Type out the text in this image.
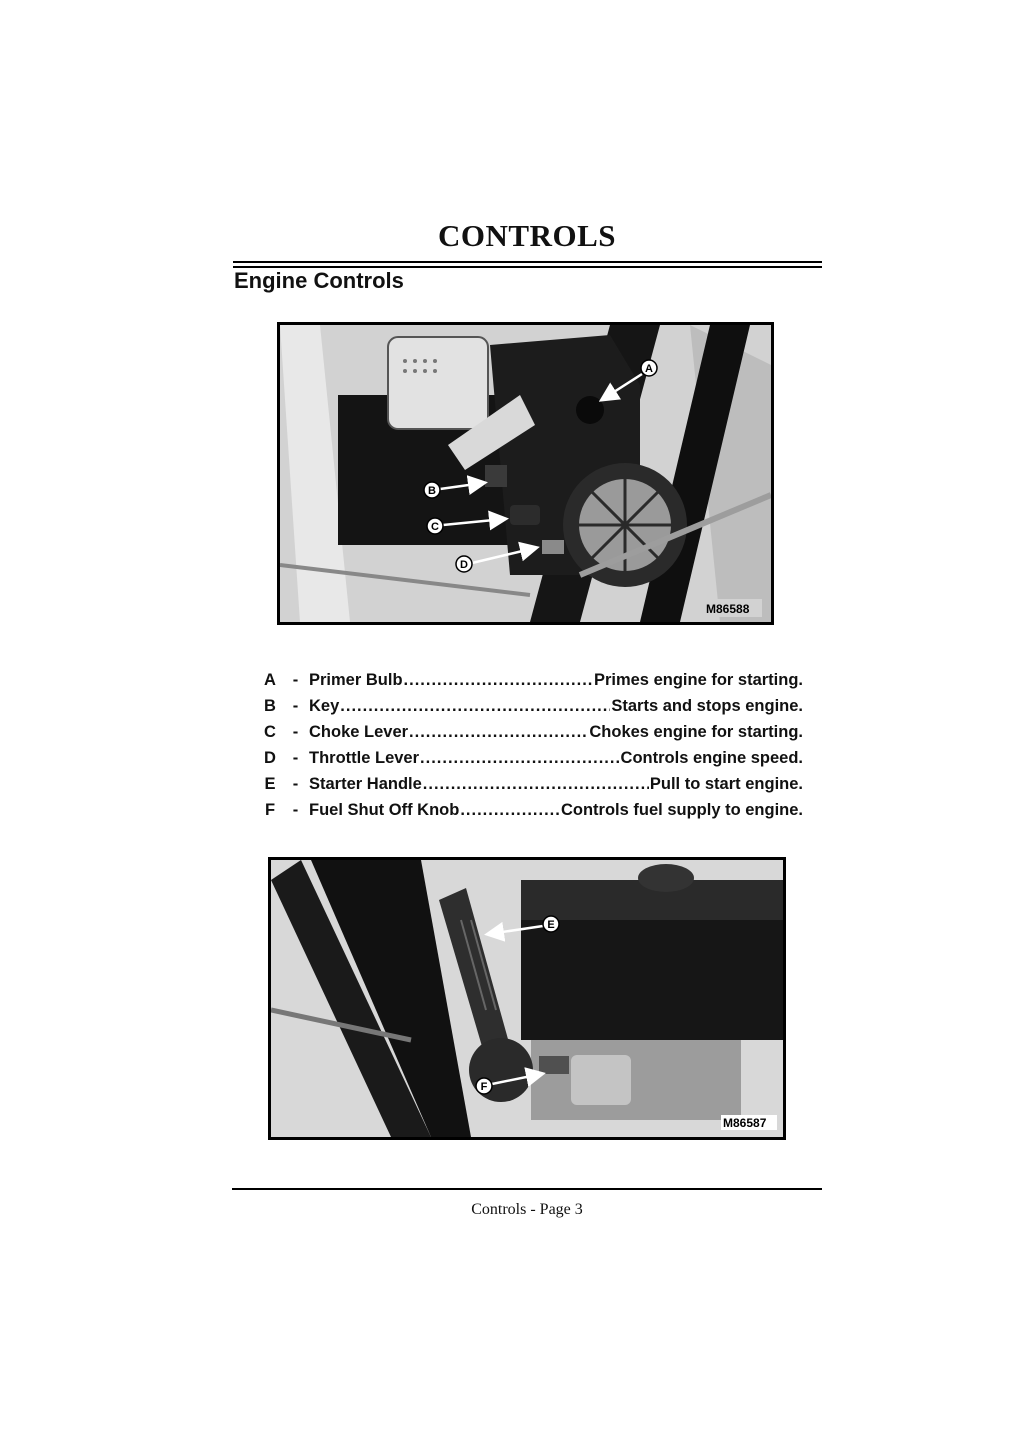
CONTROLS
Engine Controls
A
B
C
D
M86588
A	- Primer Bulb .....	Primes engine for starting.
B	- Key .....	Starts and stops engine.
C	- Choke Lever .....	Chokes engine for starting.
D	- Throttle Lever .....	Controls engine speed.
E	- Starter Handle .....	Pull to start engine.
F	- Fuel Shut Off Knob .....	Controls fuel supply to engine.
E
F
M86587
Controls - Page 3
